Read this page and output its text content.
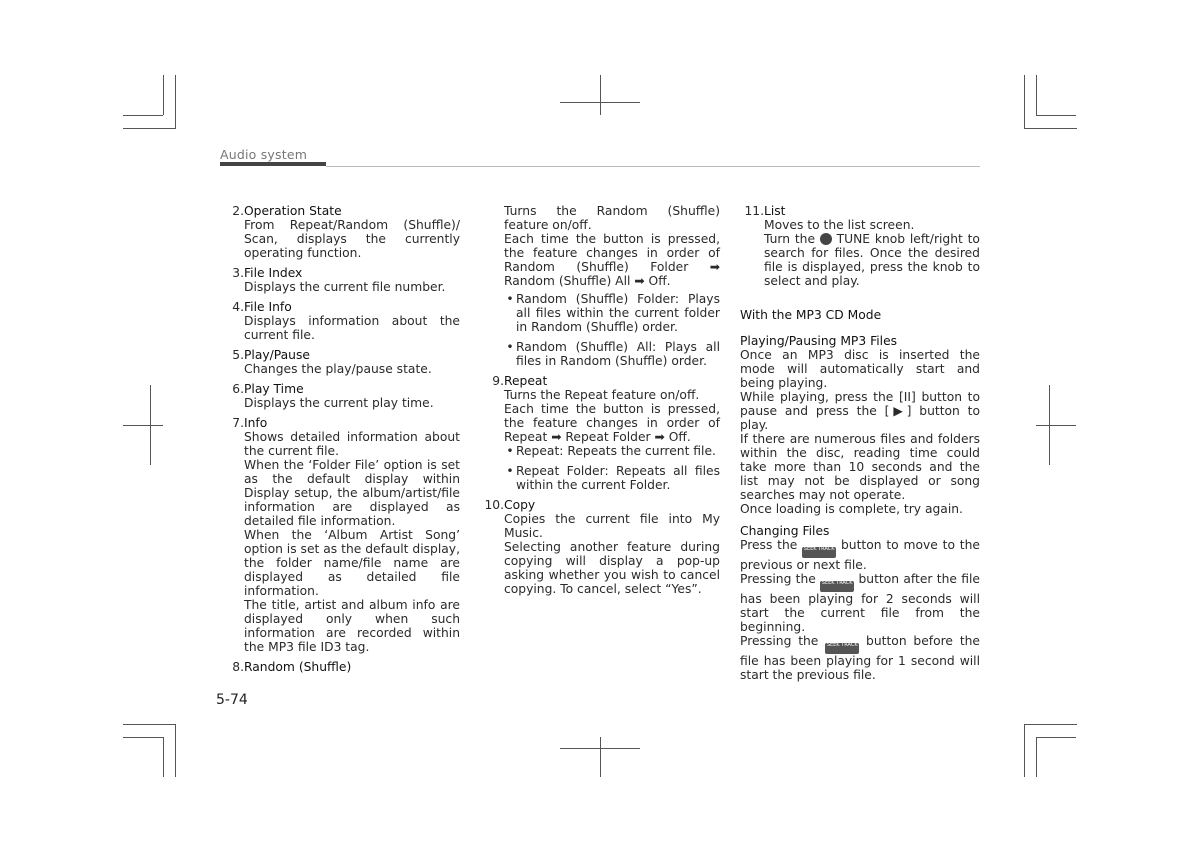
Audio system
2. Operation State
From Repeat/Random (Shuffle)/ Scan, displays the currently operating function.
3. File Index
Displays the current file number.
4. File Info
Displays information about the current file.
5. Play/Pause
Changes the play/pause state.
6. Play Time
Displays the current play time.
7. Info
Shows detailed information about the current file.
When the ‘Folder File’ option is set as the default display within Display setup, the album/artist/file information are displayed as detailed file information.
When the ‘Album Artist Song’ option is set as the default display, the folder name/file name are displayed as detailed file information.
The title, artist and album info are displayed only when such information are recorded within the MP3 file ID3 tag.
8. Random (Shuffle)
Turns the Random (Shuffle) feature on/off.
Each time the button is pressed, the feature changes in order of Random (Shuffle) Folder ➡ Random (Shuffle) All ➡ Off.
• Random (Shuffle) Folder: Plays all files within the current folder in Random (Shuffle) order.
• Random (Shuffle) All: Plays all files in Random (Shuffle) order.
9. Repeat
Turns the Repeat feature on/off.
Each time the button is pressed, the feature changes in order of Repeat ➡ Repeat Folder ➡ Off.
• Repeat: Repeats the current file.
• Repeat Folder: Repeats all files within the current Folder.
10. Copy
Copies the current file into My Music.
Selecting another feature during copying will display a pop-up asking whether you wish to cancel copying. To cancel, select “Yes”.
11. List
Moves to the list screen.
Turn the TUNE knob left/right to search for files. Once the desired file is displayed, press the knob to select and play.
With the MP3 CD Mode
Playing/Pausing MP3 Files
Once an MP3 disc is inserted the mode will automatically start and being playing.
While playing, press the [II] button to pause and press the [▶] button to play.
If there are numerous files and folders within the disc, reading time could take more than 10 seconds and the list may not be displayed or song searches may not operate.
Once loading is complete, try again.
Changing Files
Press the SEEK TRACK button to move to the previous or next file.
Pressing the SEEK TRACK button after the file has been playing for 2 seconds will start the current file from the beginning.
Pressing the SEEK TRACK button before the file has been playing for 1 second will start the previous file.
5-74
